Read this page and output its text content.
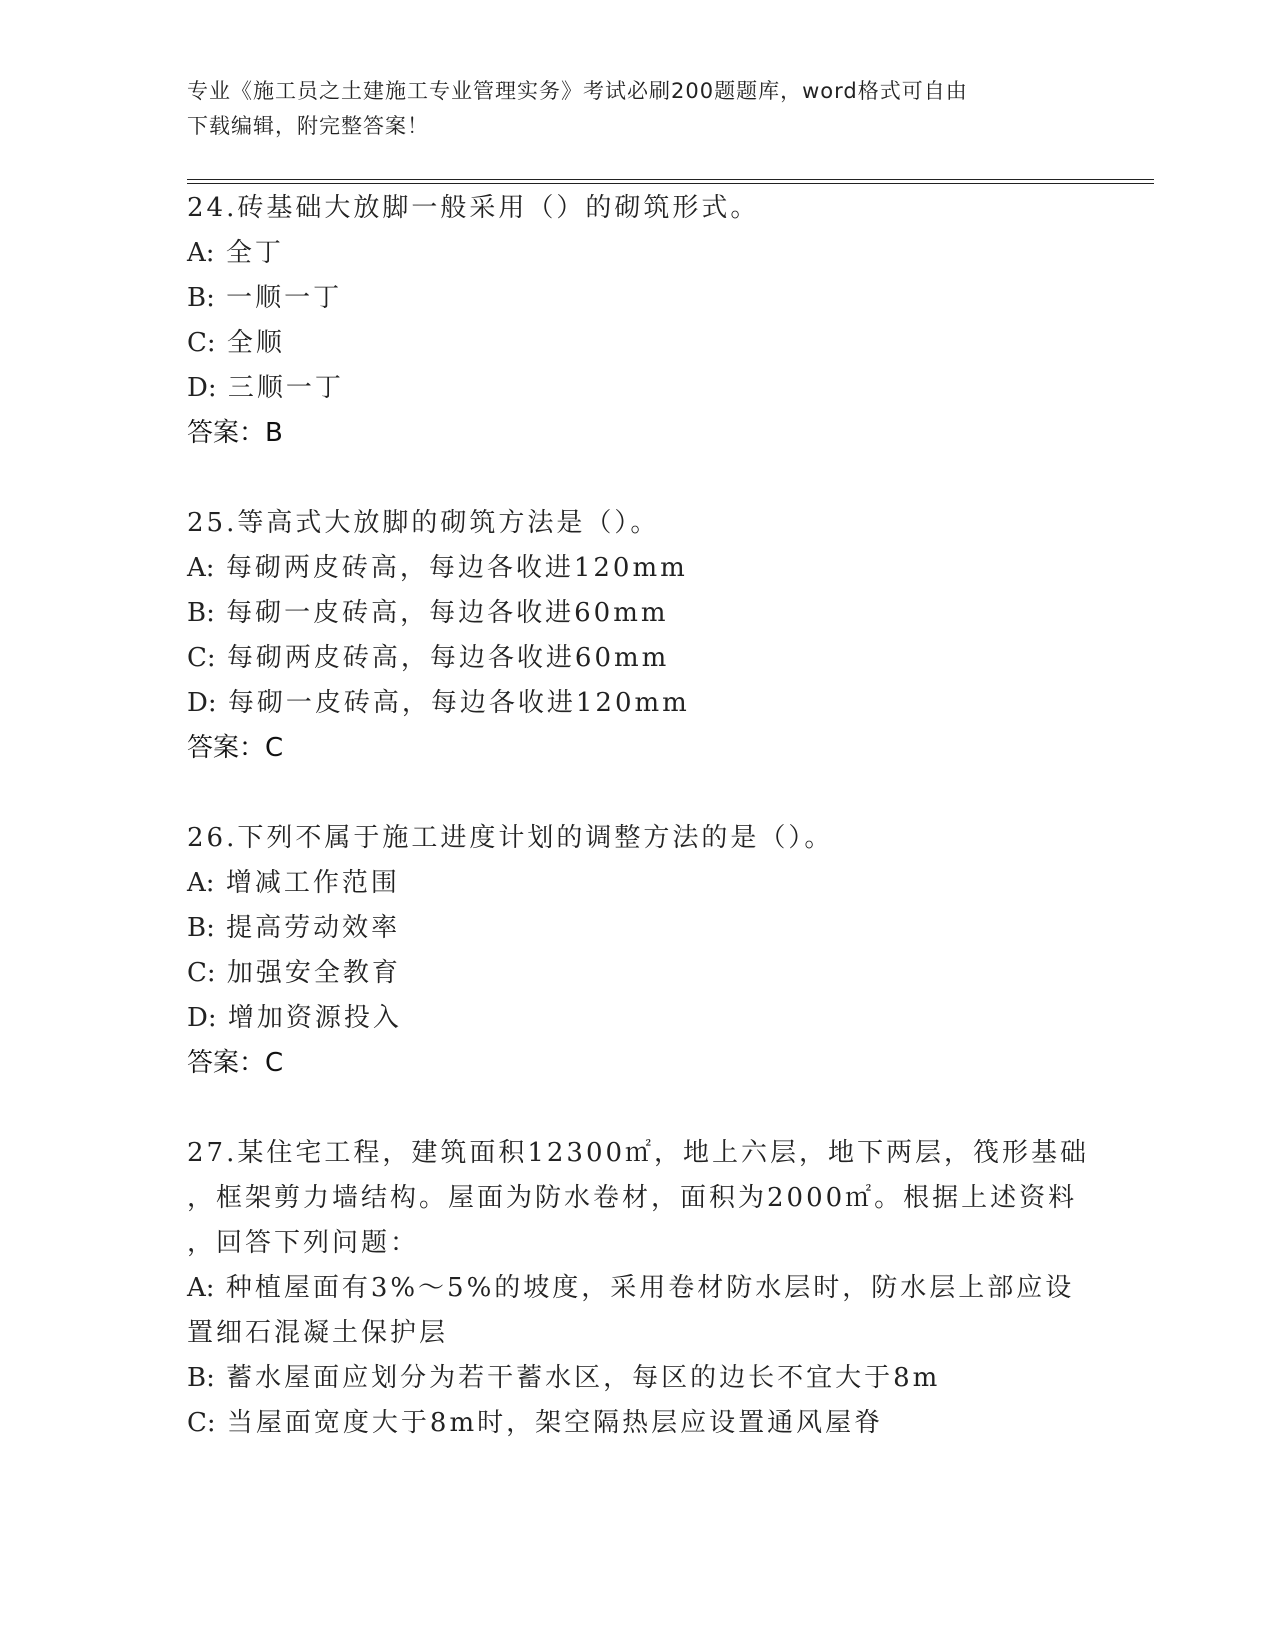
专业《施工员之土建施工专业管理实务》考试必刷200题题库，word格式可自由
下载编辑，附完整答案！
24.砖基础大放脚一般采用（）的砌筑形式。
A: 全丁
B: 一顺一丁
C: 全顺
D: 三顺一丁
答案：B
25.等高式大放脚的砌筑方法是（）。
A: 每砌两皮砖高，每边各收进120mm
B: 每砌一皮砖高，每边各收进60mm
C: 每砌两皮砖高，每边各收进60mm
D: 每砌一皮砖高，每边各收进120mm
答案：C
26.下列不属于施工进度计划的调整方法的是（）。
A: 增减工作范围
B: 提高劳动效率
C: 加强安全教育
D: 增加资源投入
答案：C
27.某住宅工程，建筑面积12300㎡，地上六层，地下两层，筏形基础
，框架剪力墙结构。屋面为防水卷材，面积为2000㎡。根据上述资料
，回答下列问题：
A: 种植屋面有3%～5%的坡度，采用卷材防水层时，防水层上部应设
置细石混凝土保护层
B: 蓄水屋面应划分为若干蓄水区，每区的边长不宜大于8m
C: 当屋面宽度大于8m时，架空隔热层应设置通风屋脊
